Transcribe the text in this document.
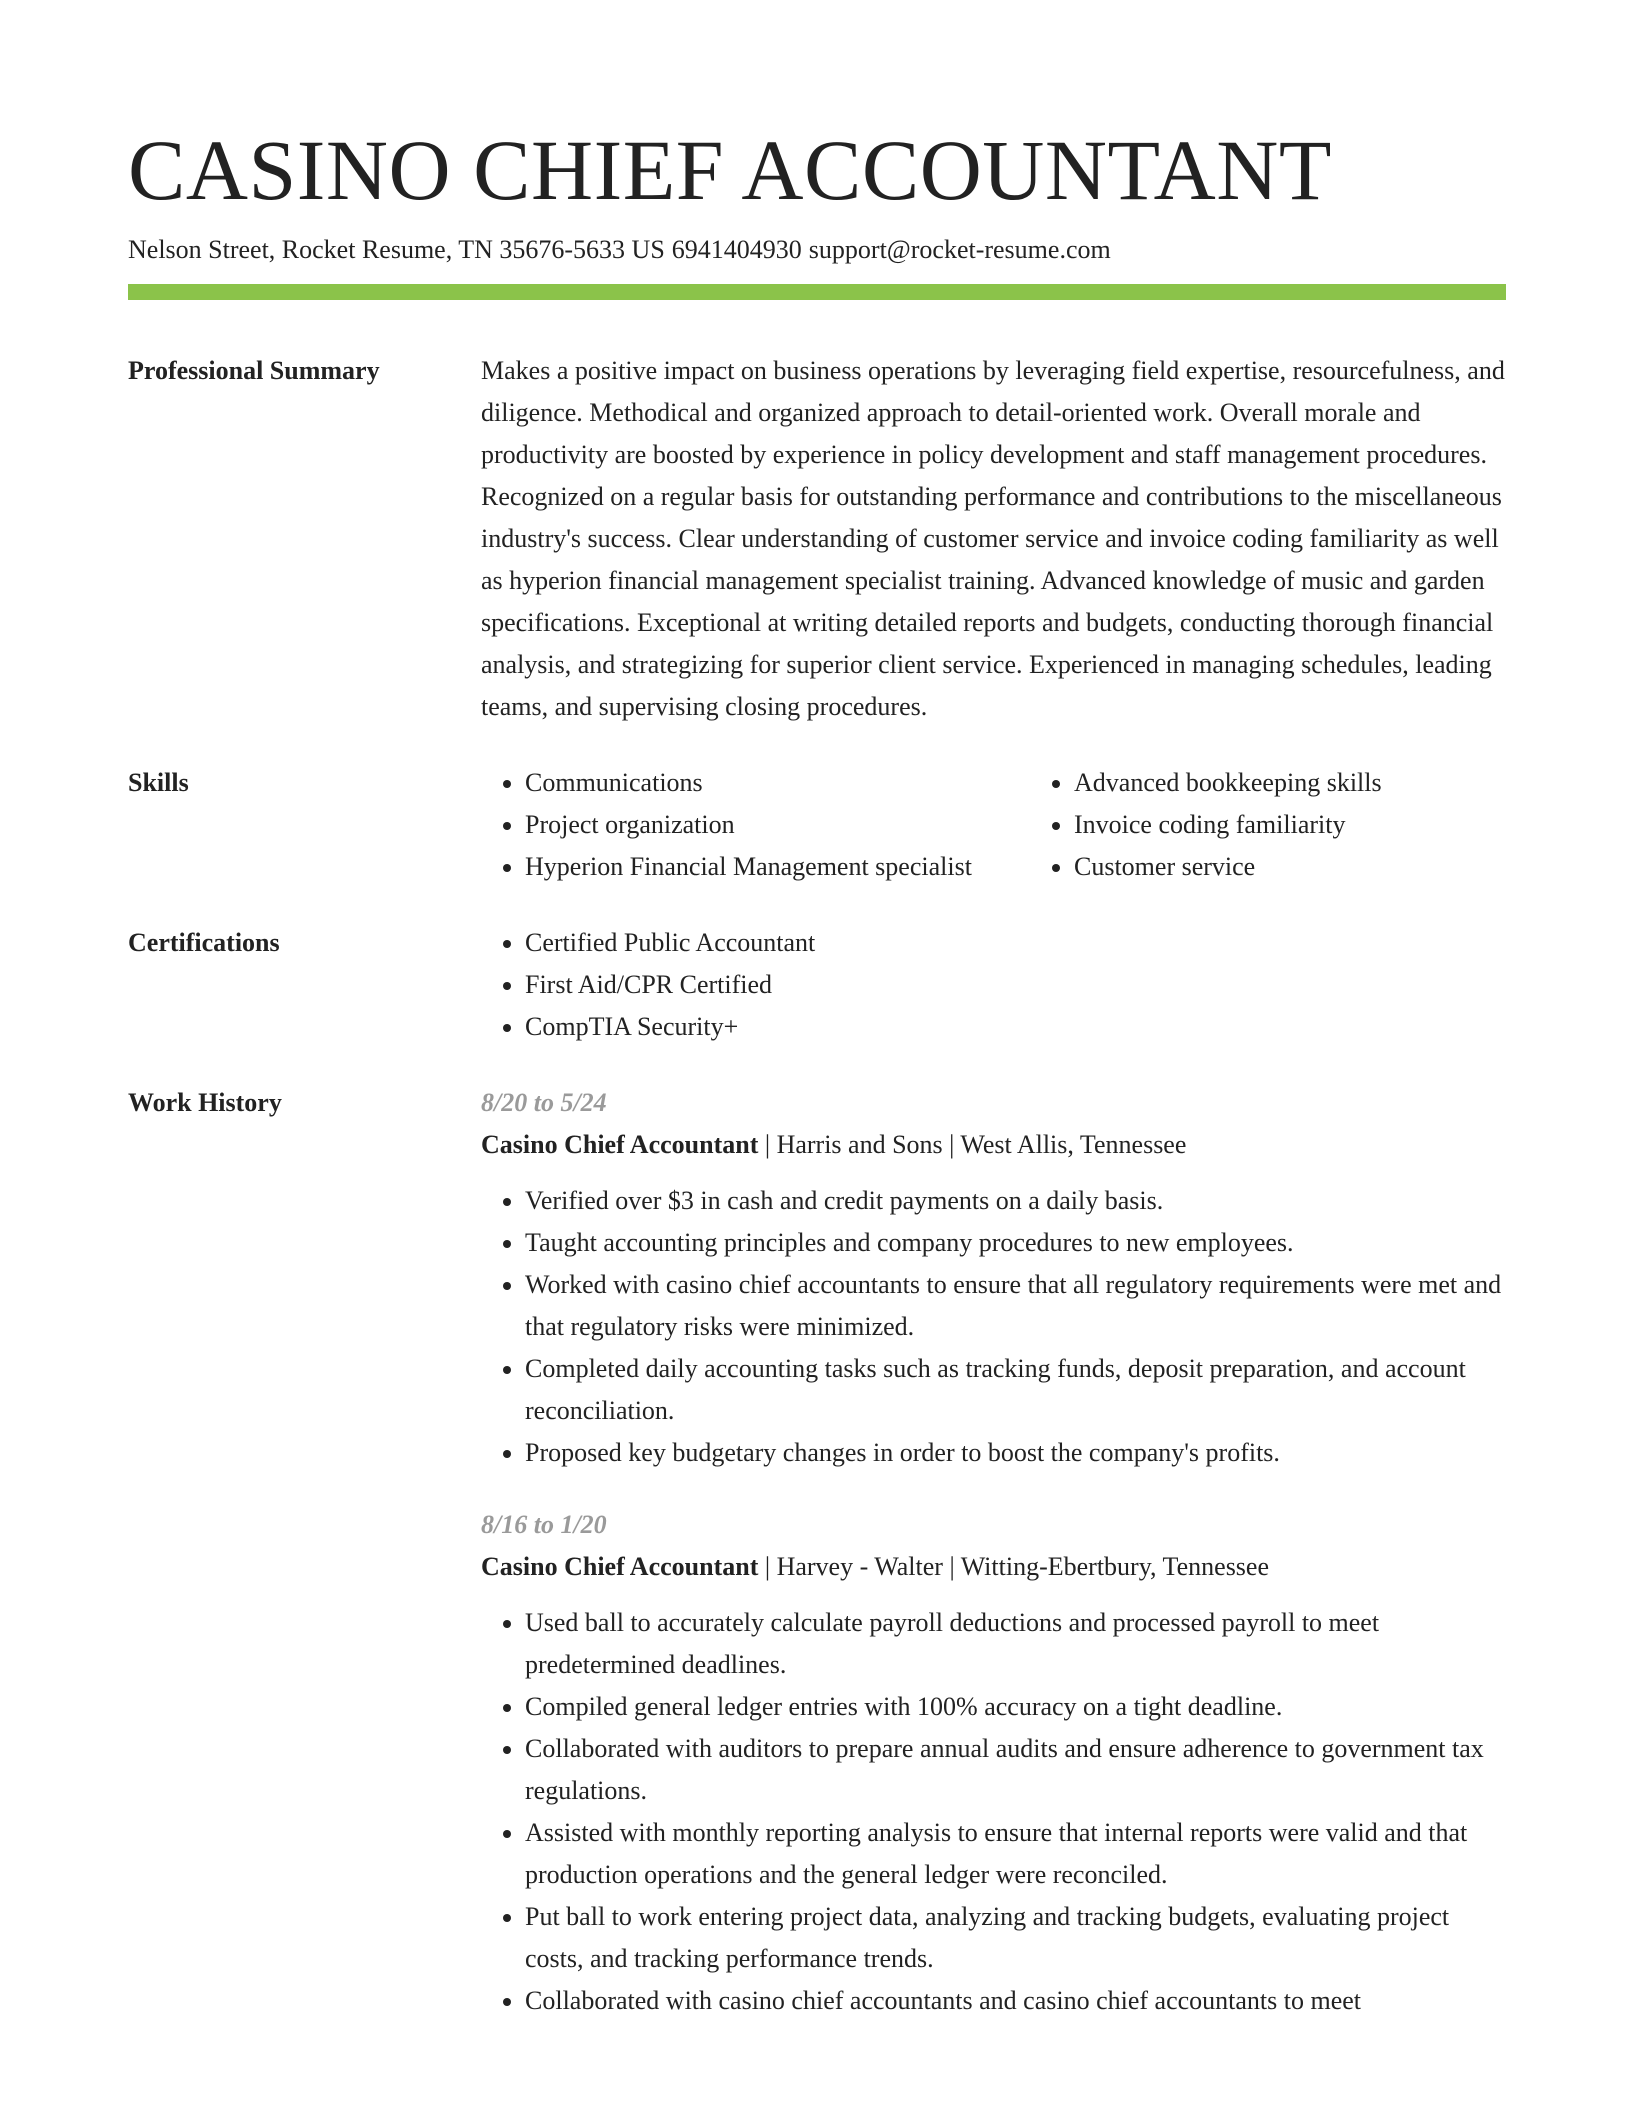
CASINO CHIEF ACCOUNTANT
Nelson Street, Rocket Resume, TN 35676-5633 US 6941404930 support@rocket-resume.com
Professional Summary	Makes a positive impact on business operations by leveraging field expertise, resourcefulness, and diligence. Methodical and organized approach to detail-oriented work. Overall morale and productivity are boosted by experience in policy development and staff management procedures. Recognized on a regular basis for outstanding performance and contributions to the miscellaneous industry's success. Clear understanding of customer service and invoice coding familiarity as well as hyperion financial management specialist training. Advanced knowledge of music and garden specifications. Exceptional at writing detailed reports and budgets, conducting thorough financial analysis, and strategizing for superior client service. Experienced in managing schedules, leading teams, and supervising closing procedures.

Skills	• Communications
• Project organization
• Hyperion Financial Management specialist
• Advanced bookkeeping skills
• Invoice coding familiarity
• Customer service
Certifications	• Certified Public Accountant
• First Aid/CPR Certified
• CompTIA Security+
Work History	8/20 to 5/24
Casino Chief Accountant | Harris and Sons | West Allis, Tennessee
• Verified over $3 in cash and credit payments on a daily basis.
• Taught accounting principles and company procedures to new employees.
• Worked with casino chief accountants to ensure that all regulatory requirements were met and that regulatory risks were minimized.
• Completed daily accounting tasks such as tracking funds, deposit preparation, and account reconciliation.
• Proposed key budgetary changes in order to boost the company's profits.
8/16 to 1/20
Casino Chief Accountant | Harvey - Walter | Witting-Ebertbury, Tennessee
• Used ball to accurately calculate payroll deductions and processed payroll to meet predetermined deadlines.
• Compiled general ledger entries with 100% accuracy on a tight deadline.
• Collaborated with auditors to prepare annual audits and ensure adherence to government tax regulations.
• Assisted with monthly reporting analysis to ensure that internal reports were valid and that production operations and the general ledger were reconciled.
• Put ball to work entering project data, analyzing and tracking budgets, evaluating project costs, and tracking performance trends.
• Collaborated with casino chief accountants and casino chief accountants to meet
